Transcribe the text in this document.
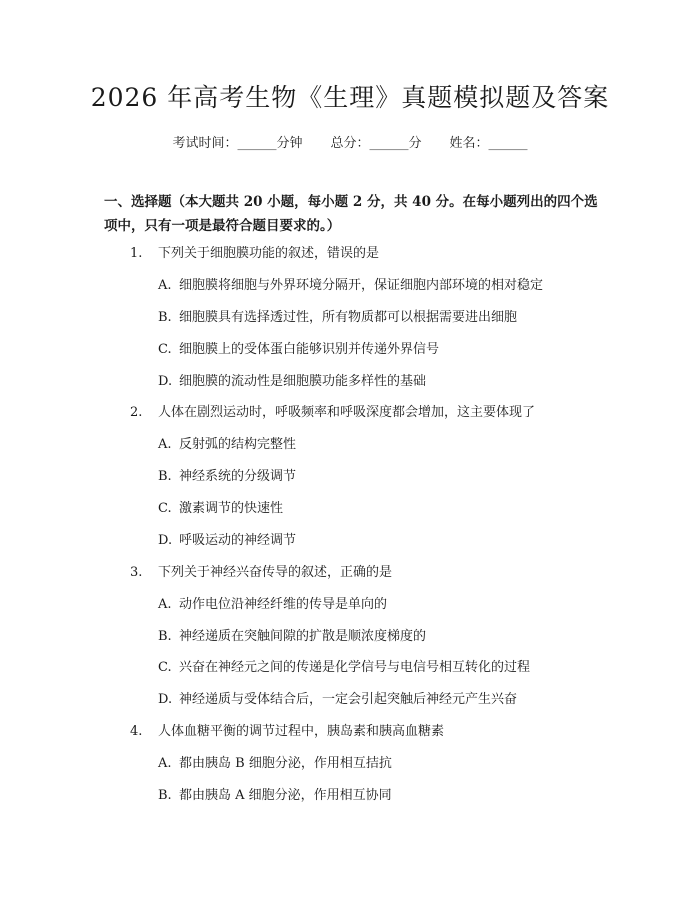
2026 年高考生物《生理》真题模拟题及答案
考试时间：______分钟 总分：______分 姓名：______
一、选择题（本大题共 20 小题，每小题 2 分，共 40 分。在每小题列出的四个选项中，只有一项是最符合题目要求的。）
1. 下列关于细胞膜功能的叙述，错误的是
A. 细胞膜将细胞与外界环境分隔开，保证细胞内部环境的相对稳定
B. 细胞膜具有选择透过性，所有物质都可以根据需要进出细胞
C. 细胞膜上的受体蛋白能够识别并传递外界信号
D. 细胞膜的流动性是细胞膜功能多样性的基础
2. 人体在剧烈运动时，呼吸频率和呼吸深度都会增加，这主要体现了
A. 反射弧的结构完整性
B. 神经系统的分级调节
C. 激素调节的快速性
D. 呼吸运动的神经调节
3. 下列关于神经兴奋传导的叙述，正确的是
A. 动作电位沿神经纤维的传导是单向的
B. 神经递质在突触间隙的扩散是顺浓度梯度的
C. 兴奋在神经元之间的传递是化学信号与电信号相互转化的过程
D. 神经递质与受体结合后，一定会引起突触后神经元产生兴奋
4. 人体血糖平衡的调节过程中，胰岛素和胰高血糖素
A. 都由胰岛 B 细胞分泌，作用相互拮抗
B. 都由胰岛 A 细胞分泌，作用相互协同
